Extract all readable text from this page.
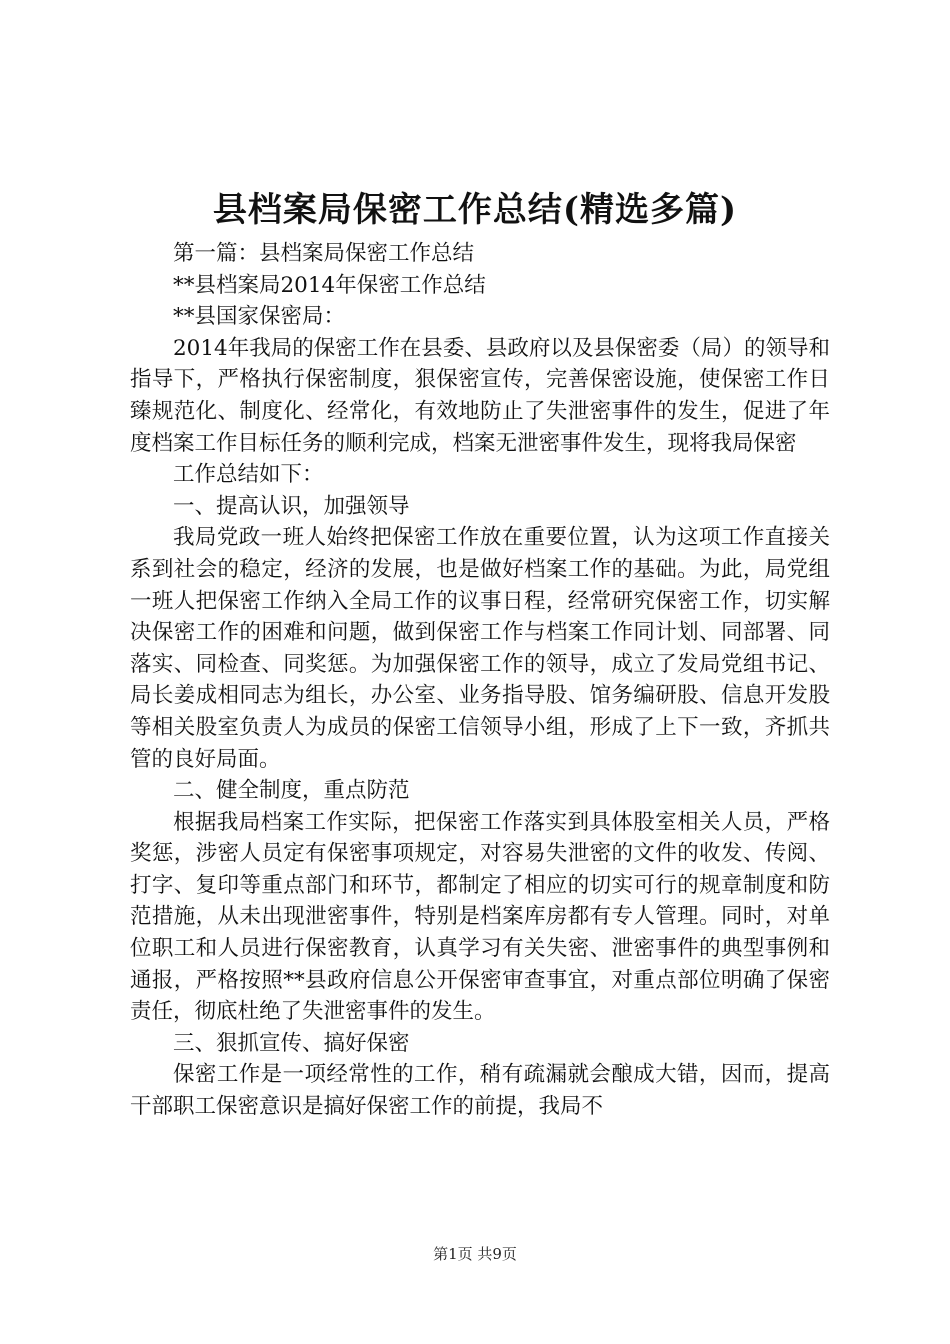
县档案局保密工作总结(精选多篇)

第一篇：县档案局保密工作总结

**县档案局2014年保密工作总结

**县国家保密局：

2014年我局的保密工作在县委、县政府以及县保密委（局）的领导和指导下，严格执行保密制度，狠保密宣传，完善保密设施，使保密工作日臻规范化、制度化、经常化，有效地防止了失泄密事件的发生，促进了年度档案工作目标任务的顺利完成，档案无泄密事件发生，现将我局保密

工作总结如下：

一、提高认识，加强领导

我局党政一班人始终把保密工作放在重要位置，认为这项工作直接关系到社会的稳定，经济的发展，也是做好档案工作的基础。为此，局党组一班人把保密工作纳入全局工作的议事日程，经常研究保密工作，切实解决保密工作的困难和问题，做到保密工作与档案工作同计划、同部署、同落实、同检查、同奖惩。为加强保密工作的领导，成立了发局党组书记、局长姜成相同志为组长，办公室、业务指导股、馆务编研股、信息开发股等相关股室负责人为成员的保密工信领导小组，形成了上下一致，齐抓共管的良好局面。

二、健全制度，重点防范

根据我局档案工作实际，把保密工作落实到具体股室相关人员，严格奖惩，涉密人员定有保密事项规定，对容易失泄密的文件的收发、传阅、打字、复印等重点部门和环节，都制定了相应的切实可行的规章制度和防范措施，从未出现泄密事件，特别是档案库房都有专人管理。同时，对单位职工和人员进行保密教育，认真学习有关失密、泄密事件的典型事例和通报，严格按照**县政府信息公开保密审查事宜，对重点部位明确了保密责任，彻底杜绝了失泄密事件的发生。

三、狠抓宣传、搞好保密

保密工作是一项经常性的工作，稍有疏漏就会酿成大错，因而，提高干部职工保密意识是搞好保密工作的前提，我局不

第1页 共9页
